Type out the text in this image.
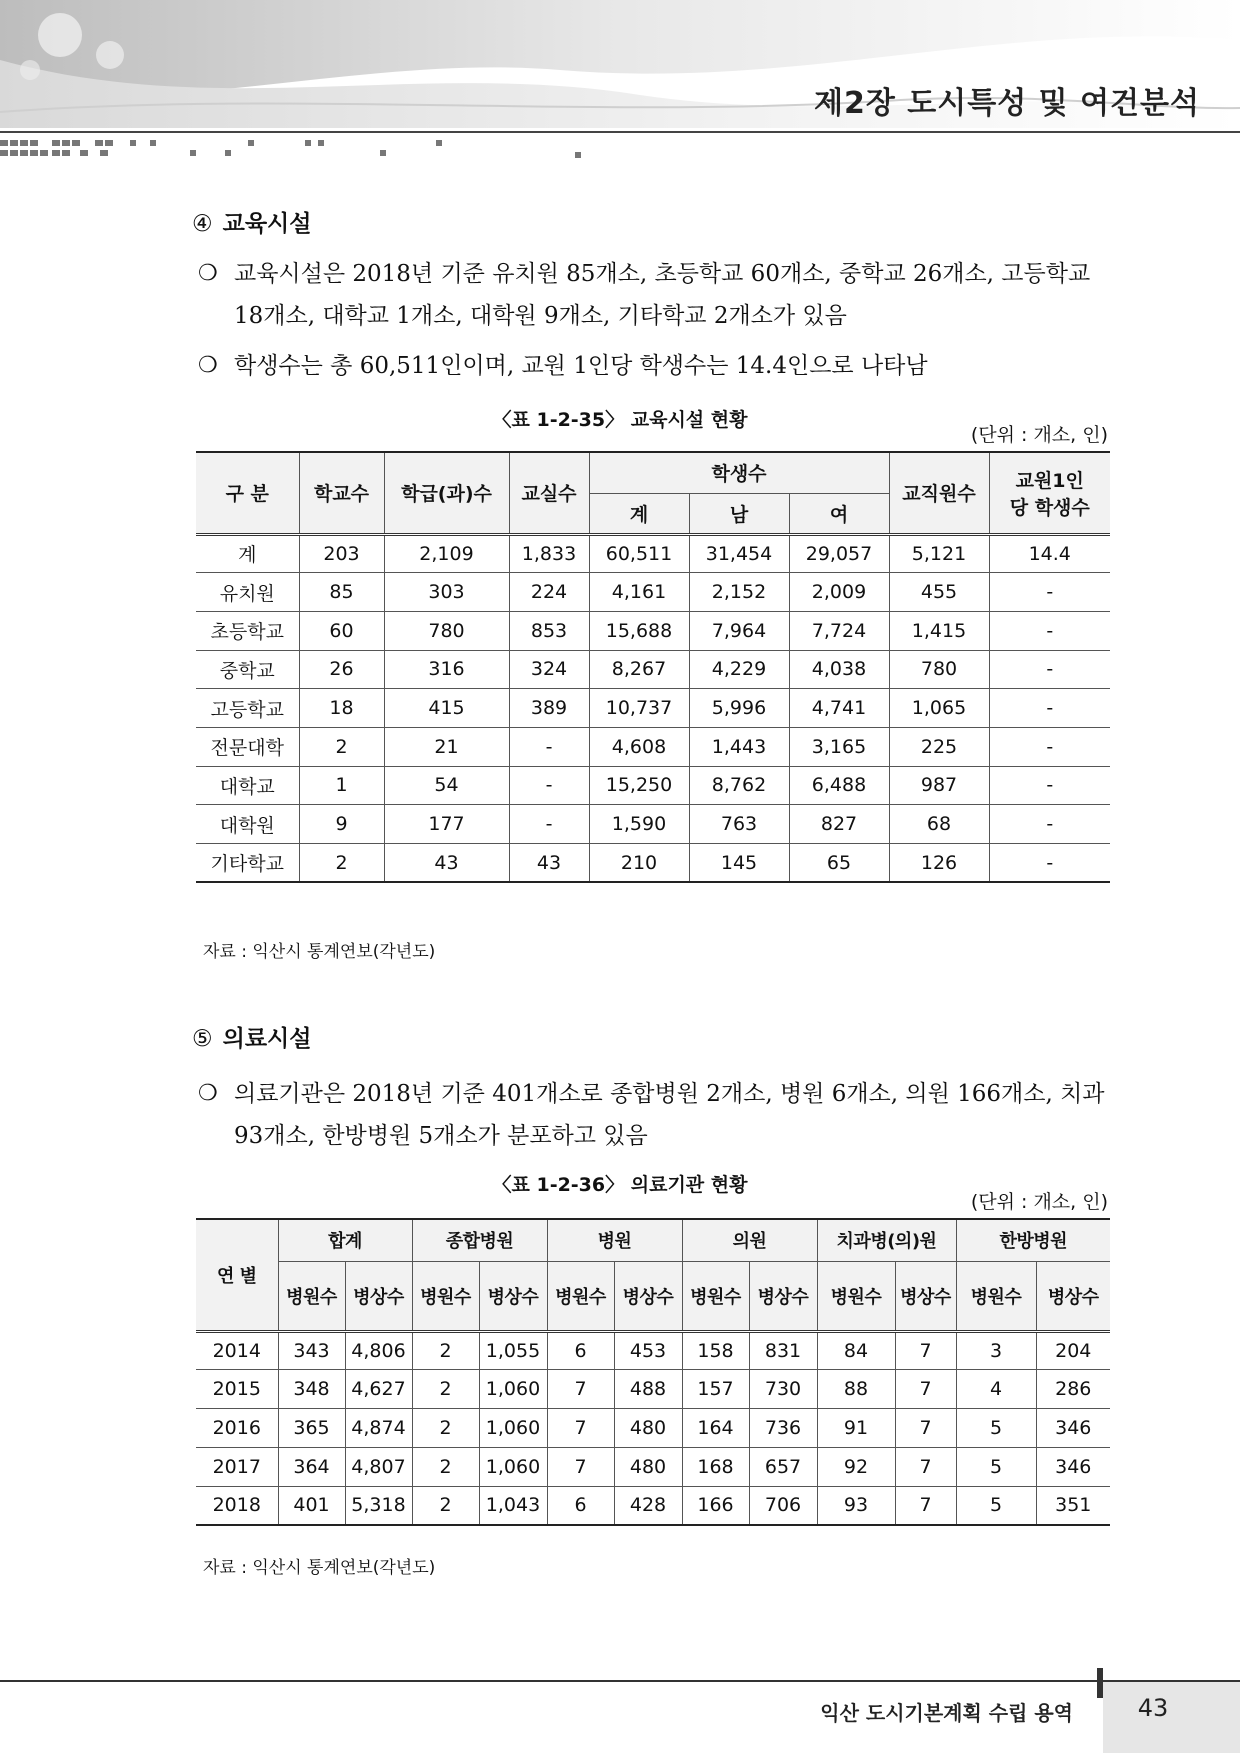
제2장 도시특성 및 여건분석
④ 교육시설
❍ 교육시설은 2018년 기준 유치원 85개소, 초등학교 60개소, 중학교 26개소, 고등학교 18개소, 대학교 1개소, 대학원 9개소, 기타학교 2개소가 있음
❍ 학생수는 총 60,511인이며, 교원 1인당 학생수는 14.4인으로 나타남
〈표 1-2-35〉 교육시설 현황
(단위 : 개소, 인)
구 분	학교수	학급(과)수	교실수	학생수			교직원수	교원1인당 학생수
				계	남	여		
계	203	2,109	1,833	60,511	31,454	29,057	5,121	14.4
유치원	85	303	224	4,161	2,152	2,009	455	-
초등학교	60	780	853	15,688	7,964	7,724	1,415	-
중학교	26	316	324	8,267	4,229	4,038	780	-
고등학교	18	415	389	10,737	5,996	4,741	1,065	-
전문대학	2	21	-	4,608	1,443	3,165	225	-
대학교	1	54	-	15,250	8,762	6,488	987	-
대학원	9	177	-	1,590	763	827	68	-
기타학교	2	43	43	210	145	65	126	-
자료 : 익산시 통계연보(각년도)
⑤ 의료시설
❍ 의료기관은 2018년 기준 401개소로 종합병원 2개소, 병원 6개소, 의원 166개소, 치과 93개소, 한방병원 5개소가 분포하고 있음
〈표 1-2-36〉 의료기관 현황
(단위 : 개소, 인)
연 별	합계		종합병원		병원		의원		치과병(의)원		한방병원	
	병원수	병상수	병원수	병상수	병원수	병상수	병원수	병상수	병원수	병상수	병원수	병상수
2014	343	4,806	2	1,055	6	453	158	831	84	7	3	204
2015	348	4,627	2	1,060	7	488	157	730	88	7	4	286
2016	365	4,874	2	1,060	7	480	164	736	91	7	5	346
2017	364	4,807	2	1,060	7	480	168	657	92	7	5	346
2018	401	5,318	2	1,043	6	428	166	706	93	7	5	351
자료 : 익산시 통계연보(각년도)
익산 도시기본계획 수립 용역	43
